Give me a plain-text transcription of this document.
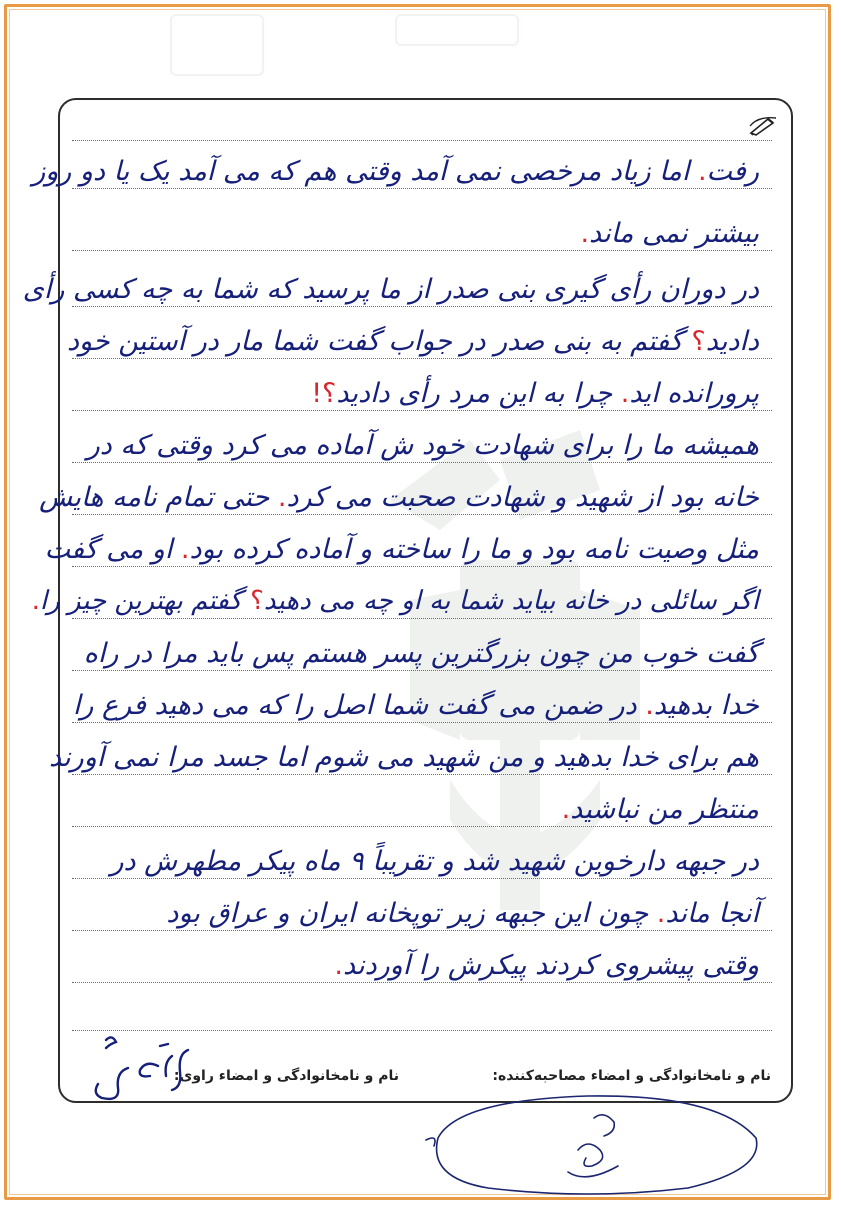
رفت. اما زیاد مرخصی نمی آمد وقتی هم که می آمد یک یا دو روز
بیشتر نمی ماند.
در دوران رأی گیری بنی صدر از ما پرسید که شما به چه کسی رأی
دادید؟ گفتم به بنی صدر در جواب گفت شما مار در آستین خود
پرورانده اید. چرا به این مرد رأی دادید؟!
همیشه ما را برای شهادت خود ش آماده می کرد وقتی که در
خانه بود از شهید و شهادت صحبت می کرد. حتی تمام نامه هایش
مثل وصیت نامه بود و ما را ساخته و آماده کرده بود. او می گفت
اگر سائلی در خانه بیاید شما به او چه می دهید؟ گفتم بهترین چیز را.
گفت خوب من چون بزرگترین پسر هستم پس باید مرا در راه
خدا بدهید. در ضمن می گفت شما اصل را که می دهید فرع را
هم برای خدا بدهید و من شهید می شوم اما جسد مرا نمی آورند
منتظر من نباشید.
در جبهه دارخوین شهید شد و تقریباً ۹ ماه پیکر مطهرش در
آنجا ماند. چون این جبهه زیر توپخانه ایران و عراق بود
وقتی پیشروی کردند پیکرش را آوردند.
نام و نامخانوادگی و امضاء مصاحبه‌کننده:
نام و نامخانوادگی و امضاء راوی:
